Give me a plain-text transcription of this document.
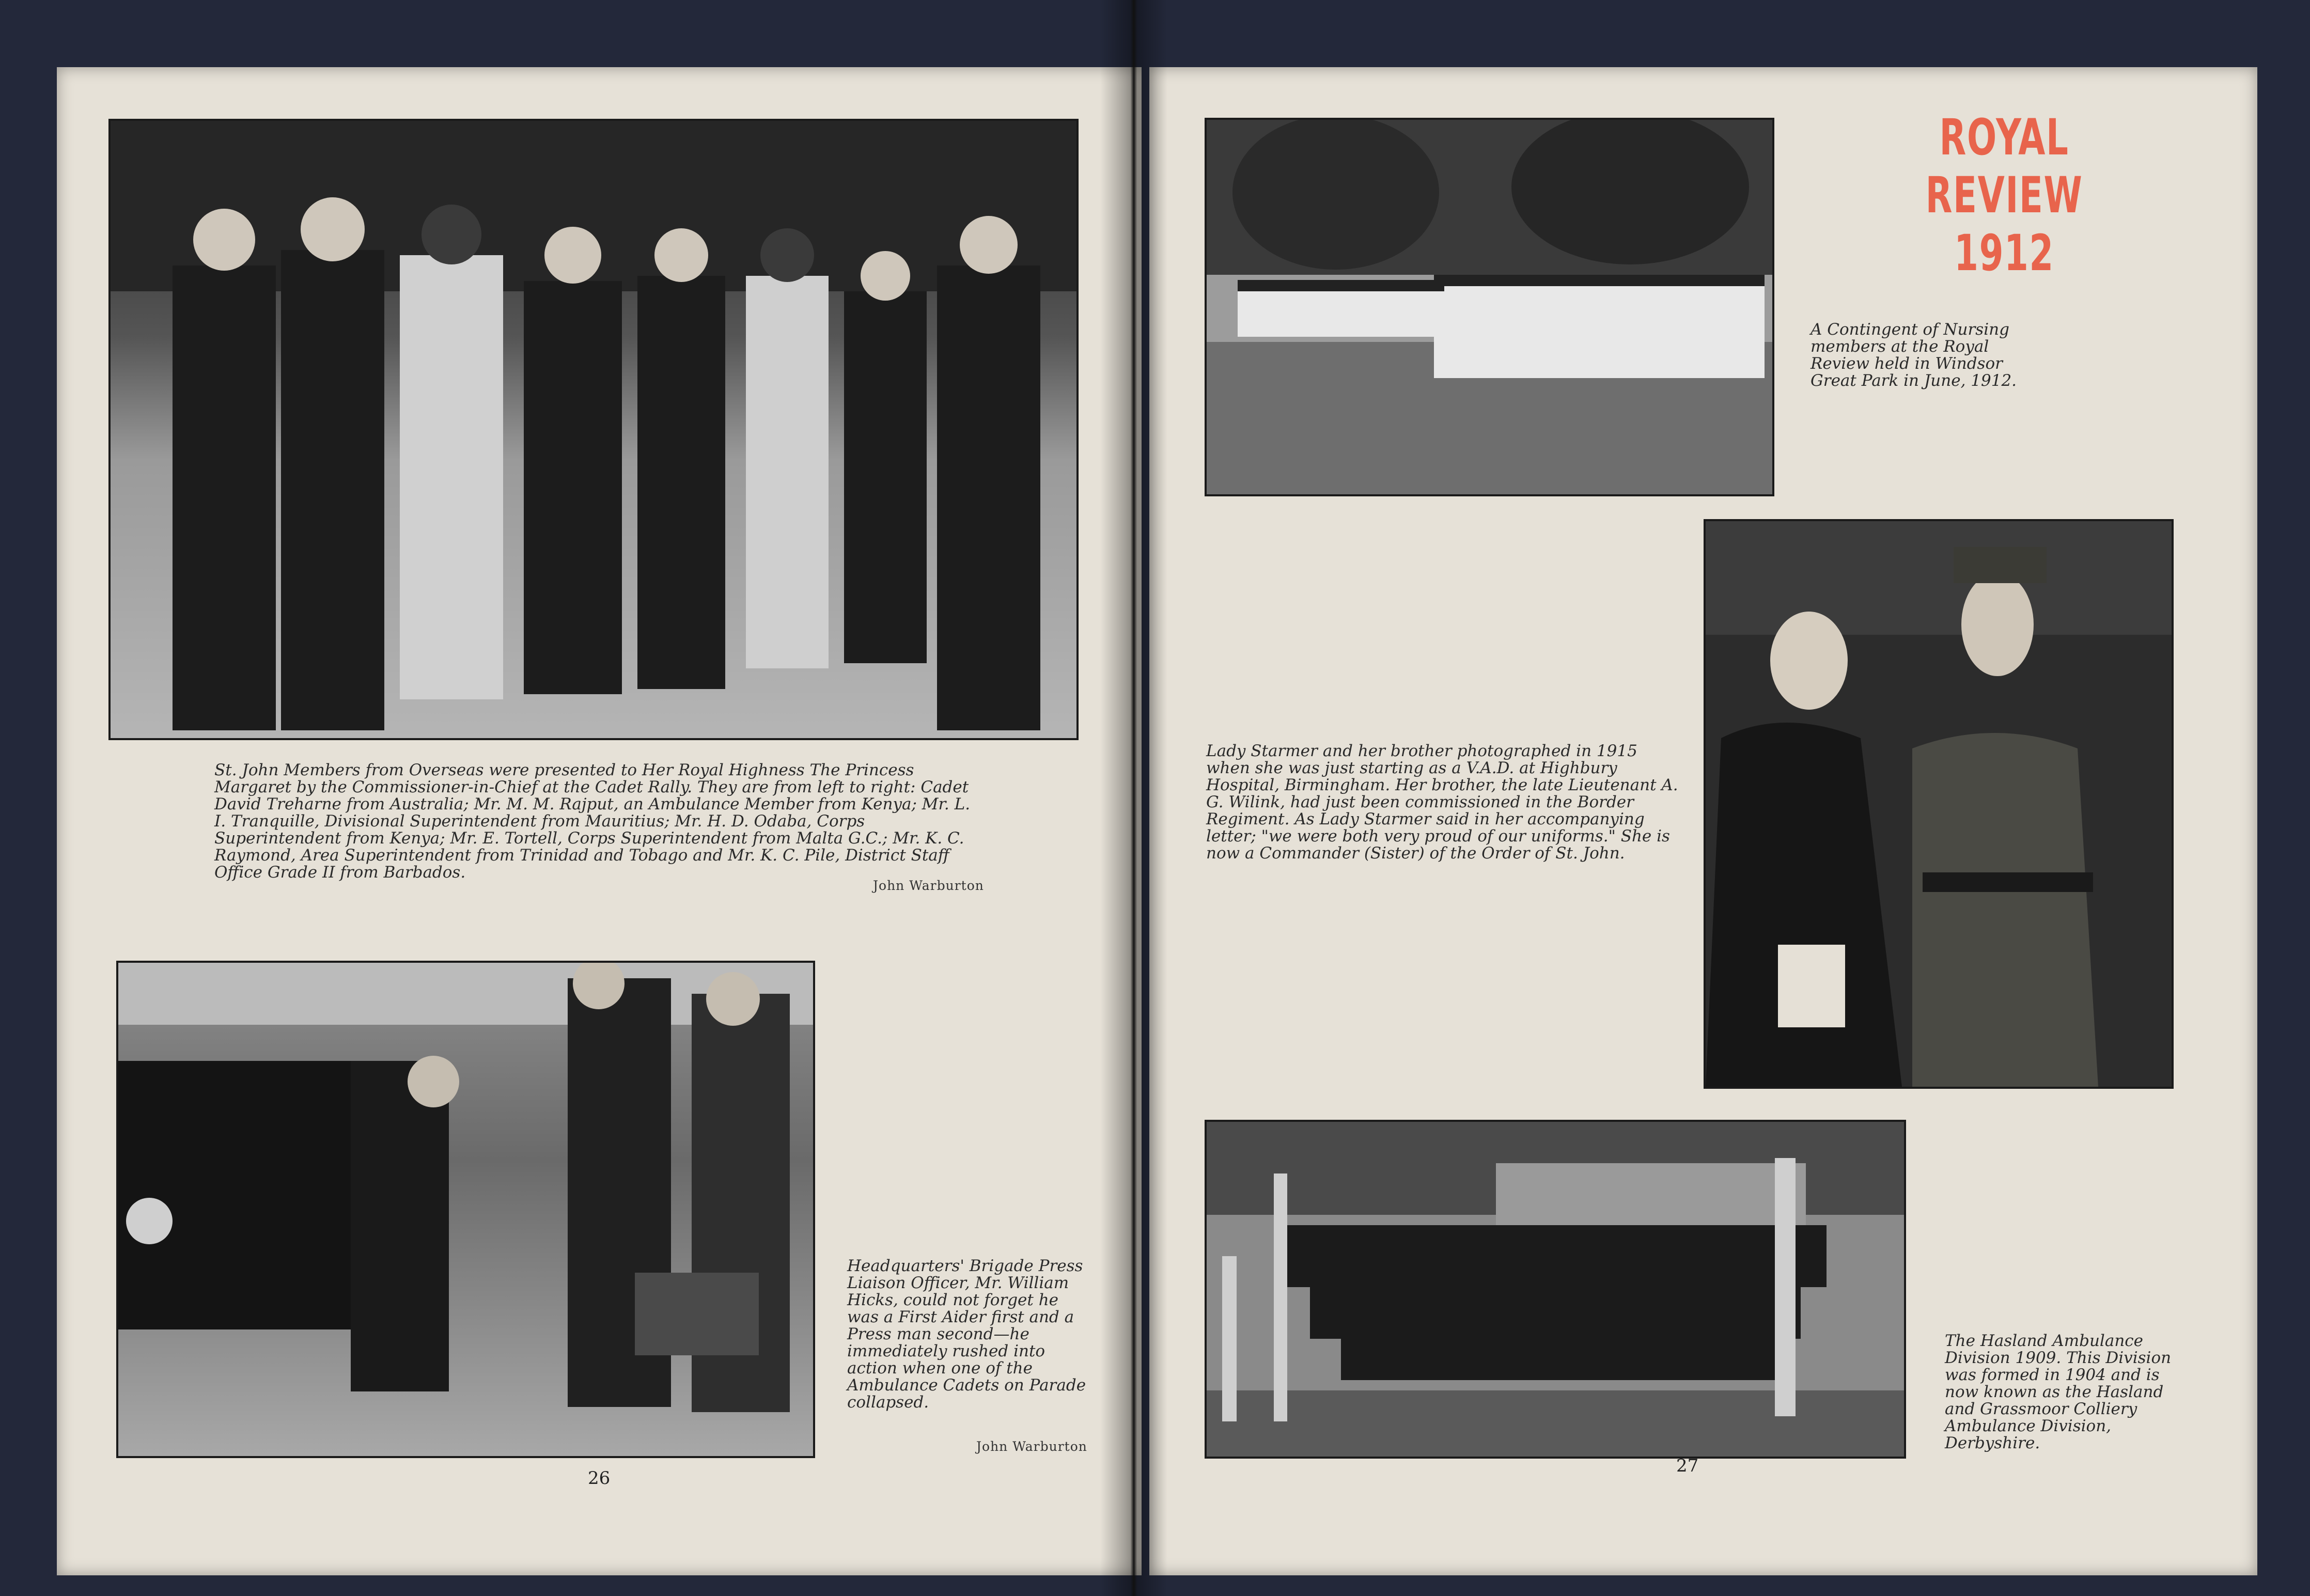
St. John Members from Overseas were presented to Her Royal Highness The Princess Margaret by the Commissioner-in-Chief at the Cadet Rally. They are from left to right: Cadet David Treharne from Australia; Mr. M. M. Rajput, an Ambulance Member from Kenya; Mr. L. I. Tranquille, Divisional Superintendent from Mauritius; Mr. H. D. Odaba, Corps Superintendent from Kenya; Mr. E. Tortell, Corps Superintendent from Malta G.C.; Mr. K. C. Raymond, Area Superintendent from Trinidad and Tobago and Mr. K. C. Pile, District Staff Office Grade II from Barbados.
John Warburton
Headquarters' Brigade Press Liaison Officer, Mr. William Hicks, could not forget he was a First Aider first and a Press man second—he immediately rushed into action when one of the Ambulance Cadets on Parade collapsed.
John Warburton
26
ROYAL REVIEW
1912
A Contingent of Nursing members at the Royal Review held in Windsor Great Park in June, 1912.
Lady Starmer and her brother photographed in 1915 when she was just starting as a V.A.D. at Highbury Hospital, Birmingham. Her brother, the late Lieutenant A. G. Wilink, had just been commissioned in the Border Regiment. As Lady Starmer said in her accompanying letter; "we were both very proud of our uniforms." She is now a Commander (Sister) of the Order of St. John.
The Hasland Ambulance Division 1909. This Division was formed in 1904 and is now known as the Hasland and Grassmoor Colliery Ambulance Division, Derbyshire.
27
